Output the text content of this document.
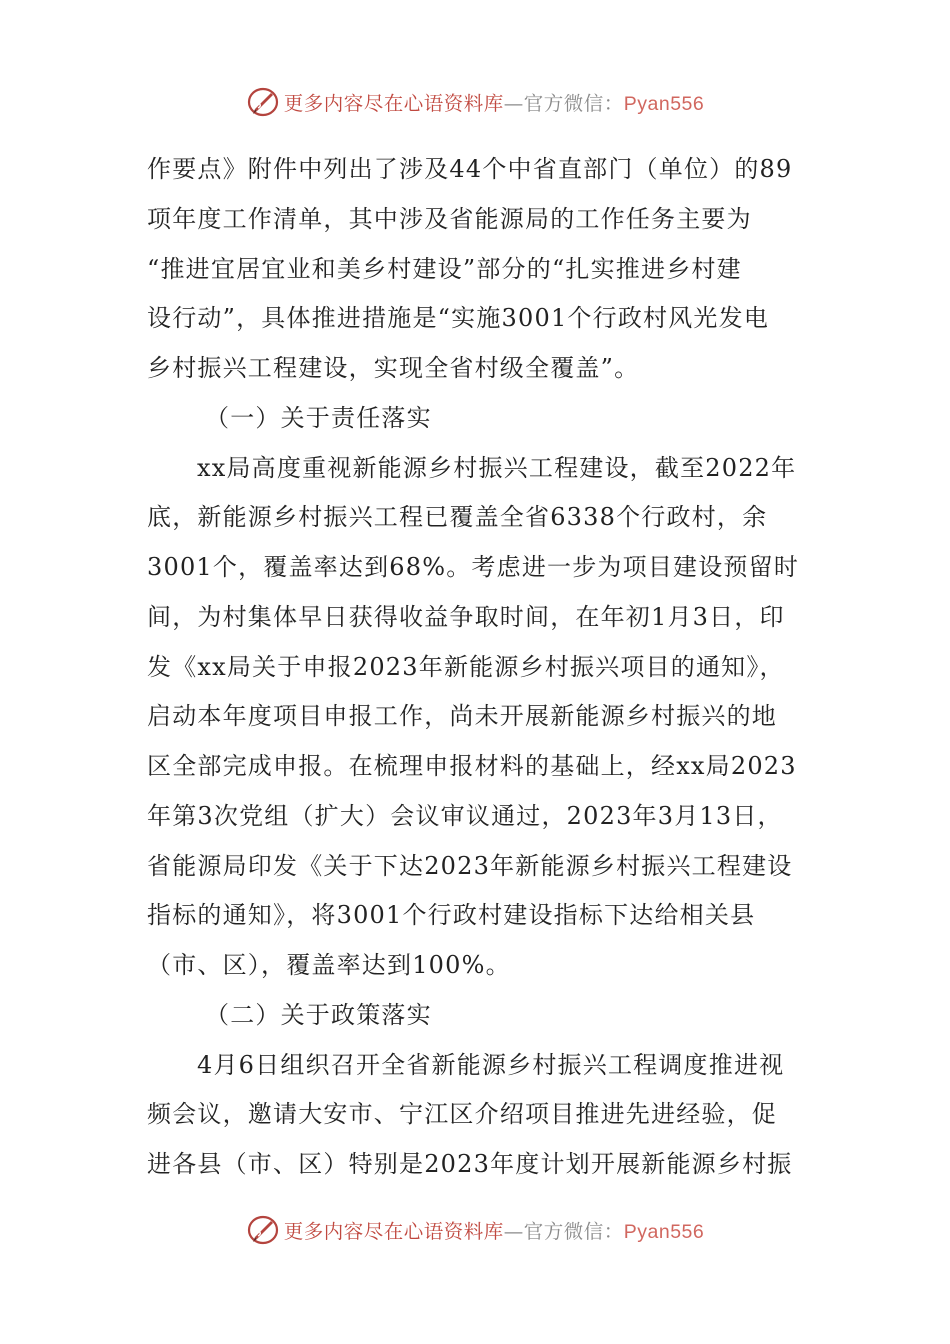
更多内容尽在心语资料库—官方微信：Pyan556
作要点》附件中列出了涉及44个中省直部门（单位）的89
项年度工作清单，其中涉及省能源局的工作任务主要为
“推进宜居宜业和美乡村建设”部分的“扎实推进乡村建
设行动”，具体推进措施是“实施3001个行政村风光发电
乡村振兴工程建设，实现全省村级全覆盖”。
（一）关于责任落实
xx局高度重视新能源乡村振兴工程建设，截至2022年
底，新能源乡村振兴工程已覆盖全省6338个行政村，余
3001个，覆盖率达到68%。考虑进一步为项目建设预留时
间，为村集体早日获得收益争取时间，在年初1月3日，印
发《xx局关于申报2023年新能源乡村振兴项目的通知》，
启动本年度项目申报工作，尚未开展新能源乡村振兴的地
区全部完成申报。在梳理申报材料的基础上，经xx局2023
年第3次党组（扩大）会议审议通过，2023年3月13日，
省能源局印发《关于下达2023年新能源乡村振兴工程建设
指标的通知》，将3001个行政村建设指标下达给相关县
（市、区），覆盖率达到100%。
（二）关于政策落实
4月6日组织召开全省新能源乡村振兴工程调度推进视
频会议，邀请大安市、宁江区介绍项目推进先进经验，促
进各县（市、区）特别是2023年度计划开展新能源乡村振
更多内容尽在心语资料库—官方微信：Pyan556
